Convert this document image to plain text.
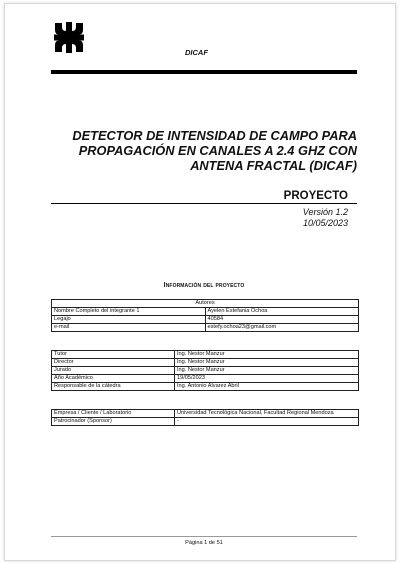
DICAF
DETECTOR DE INTENSIDAD DE CAMPO PARA
PROPAGACIÓN EN CANALES A 2.4 GHZ CON
ANTENA FRACTAL (DICAF)
PROYECTO
Versión 1.2
10/05/2023
Información del proyecto
Autores	
Nombre Completo del integrante 1	Ayelen Estefania Ochoa
Legajo	40584
e-mail	estefy.ochoa23@gmail.com
Tutor	Ing. Nestor Manzur
Director	Ing. Nestor Manzur
Jurado	Ing. Nestor Manzur
Año Académico	19/05/2023
Responsable de la cátedra	Ing. Antonio Alvarez Abril
Empresa / Cliente / Laboratorio	Universidad Tecnológica Nacional, Facultad Regional Mendoza
Patrocinador (Sponsor)	-
Página 1 de 51
